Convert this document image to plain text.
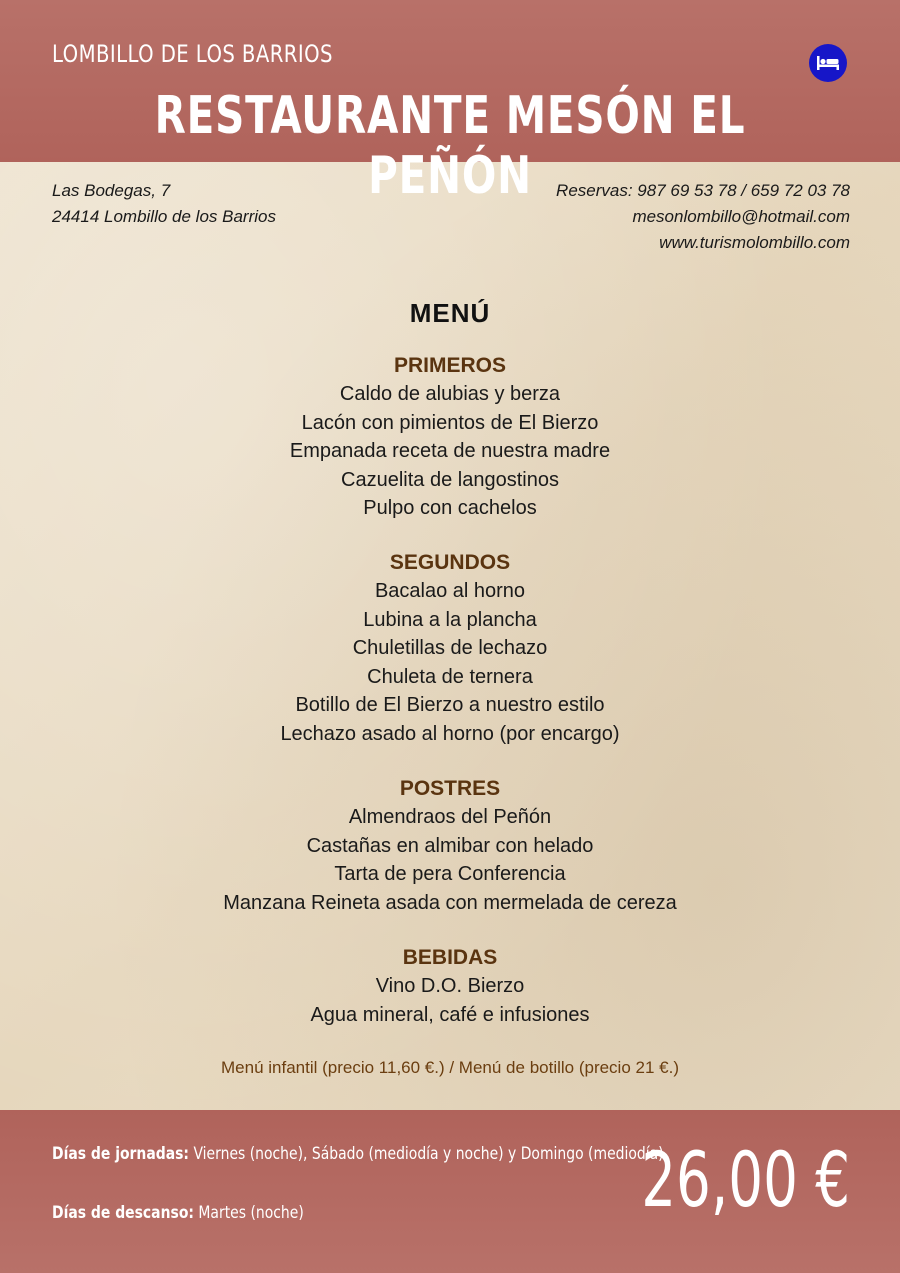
LOMBILLO DE LOS BARRIOS
RESTAURANTE MESÓN EL PEÑÓN
Las Bodegas, 7
24414 Lombillo de los Barrios
Reservas: 987 69 53 78 / 659 72 03 78
mesonlombillo@hotmail.com
www.turismolombillo.com
MENÚ
PRIMEROS
Caldo de alubias y berza
Lacón con pimientos de El Bierzo
Empanada receta de nuestra madre
Cazuelita de langostinos
Pulpo con cachelos
SEGUNDOS
Bacalao al horno
Lubina a la plancha
Chuletillas de lechazo
Chuleta de ternera
Botillo de El Bierzo a nuestro estilo
Lechazo asado al horno (por encargo)
POSTRES
Almendraos del Peñón
Castañas en almibar con helado
Tarta de pera Conferencia
Manzana Reineta asada con mermelada de cereza
BEBIDAS
Vino D.O. Bierzo
Agua mineral, café e infusiones
Menú infantil (precio 11,60 €.) / Menú de botillo (precio 21 €.)
Días de jornadas: Viernes (noche), Sábado (mediodía y noche) y Domingo (mediodía)
Días de descanso: Martes (noche)	26,00 €
